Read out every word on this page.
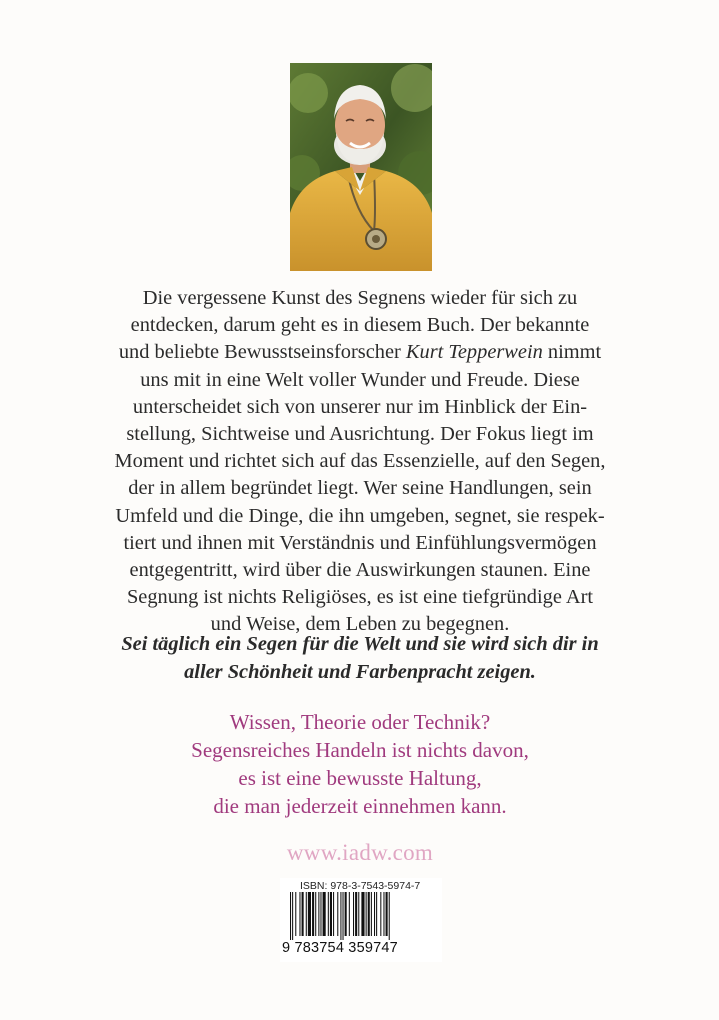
Die vergessene Kunst des Segnens wieder für sich zu
entdecken, darum geht es in diesem Buch. Der bekannte
und beliebte Bewusstseinsforscher Kurt Tepperwein nimmt
uns mit in eine Welt voller Wunder und Freude. Diese
unterscheidet sich von unserer nur im Hinblick der Ein-
stellung, Sichtweise und Ausrichtung. Der Fokus liegt im
Moment und richtet sich auf das Essenzielle, auf den Segen,
der in allem begründet liegt. Wer seine Handlungen, sein
Umfeld und die Dinge, die ihn umgeben, segnet, sie respek-
tiert und ihnen mit Verständnis und Einfühlungsvermögen
entgegentritt, wird über die Auswirkungen staunen. Eine
Segnung ist nichts Religiöses, es ist eine tiefgründige Art
und Weise, dem Leben zu begegnen.
Sei täglich ein Segen für die Welt und sie wird sich dir in
aller Schönheit und Farbenpracht zeigen.
Wissen, Theorie oder Technik?
Segensreiches Handeln ist nichts davon,
es ist eine bewusste Haltung,
die man jederzeit einnehmen kann.
www.iadw.com
ISBN: 978-3-7543-5974-7
9 783754 359747
